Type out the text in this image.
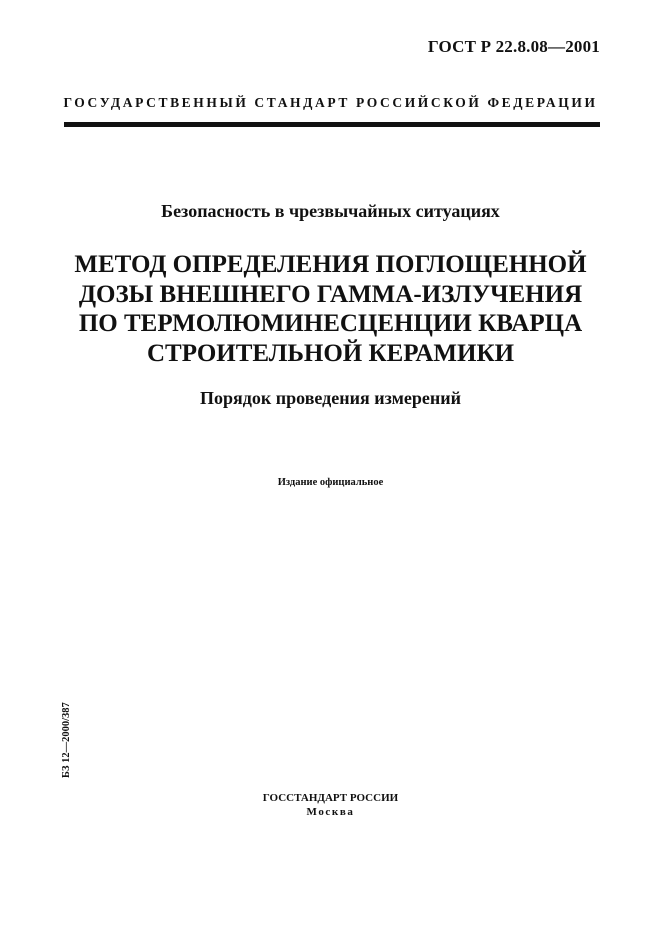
ГОСТ Р 22.8.08—2001
ГОСУДАРСТВЕННЫЙ СТАНДАРТ РОССИЙСКОЙ ФЕДЕРАЦИИ
Безопасность в чрезвычайных ситуациях
МЕТОД ОПРЕДЕЛЕНИЯ ПОГЛОЩЕННОЙ
ДОЗЫ ВНЕШНЕГО ГАММА-ИЗЛУЧЕНИЯ
ПО ТЕРМОЛЮМИНЕСЦЕНЦИИ КВАРЦА
СТРОИТЕЛЬНОЙ КЕРАМИКИ
Порядок проведения измерений
Издание официальное
БЗ 12—2000/387
ГОССТАНДАРТ РОССИИ
Москва
